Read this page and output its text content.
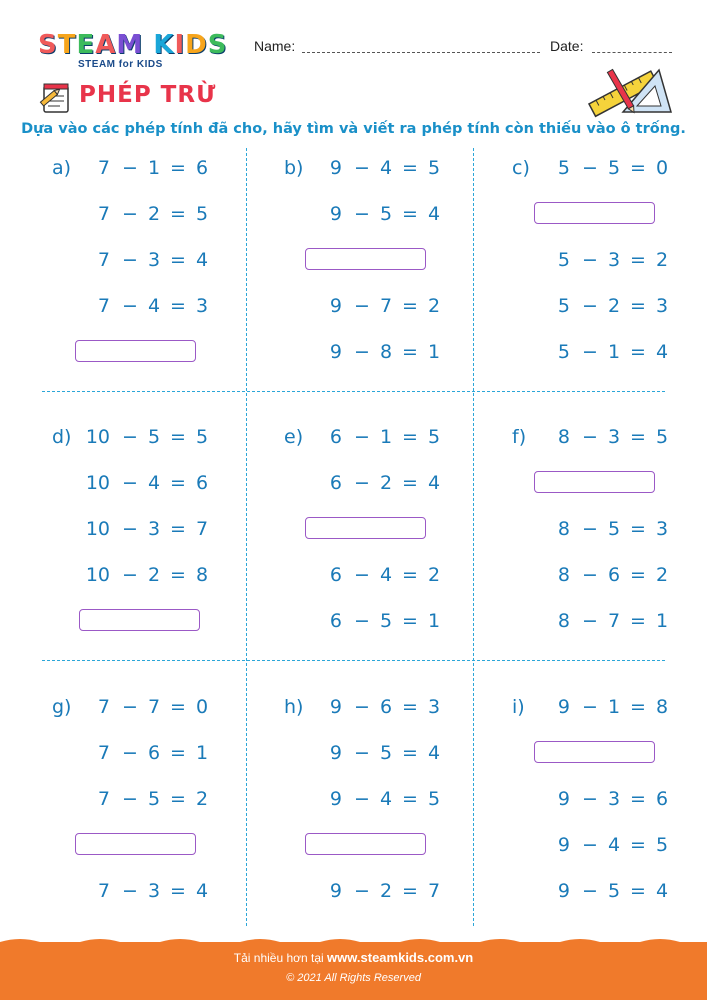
STEAM KIDS
STEAM for KIDS
Name:	Date:
PHÉP TRỪ
Dựa vào các phép tính đã cho, hãy tìm và viết ra phép tính còn thiếu vào ô trống.
a)	7 − 1 = 6
7 − 2 = 5
7 − 3 = 4
7 − 4 = 3
b)	9 − 4 = 5
9 − 5 = 4
9 − 7 = 2
9 − 8 = 1
c)	5 − 5 = 0
5 − 3 = 2
5 − 2 = 3
5 − 1 = 4
d) 10 − 5 = 5
10 − 4 = 6
10 − 3 = 7
10 − 2 = 8
e)	6 − 1 = 5
6 − 2 = 4
6 − 4 = 2
6 − 5 = 1
f)	8 − 3 = 5
8 − 5 = 3
8 − 6 = 2
8 − 7 = 1
g)	7 − 7 = 0
7 − 6 = 1
7 − 5 = 2
7 − 3 = 4
h)	9 − 6 = 3
9 − 5 = 4
9 − 4 = 5
9 − 2 = 7
i)	9 − 1 = 8
9 − 3 = 6
9 − 4 = 5
9 − 5 = 4
Tải nhiều hơn tại www.steamkids.com.vn
© 2021 All Rights Reserved
